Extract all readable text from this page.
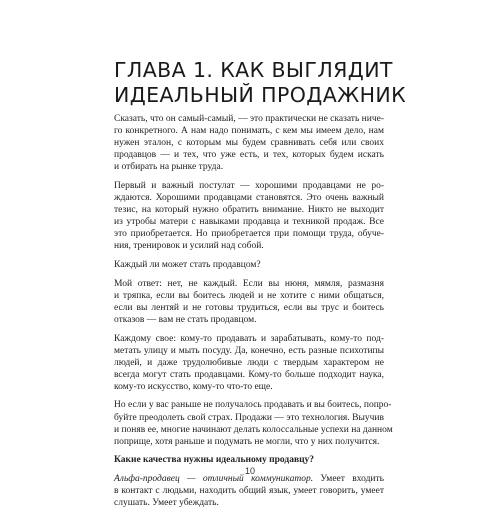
ГЛАВА 1. КАК ВЫГЛЯДИТ
ИДЕАЛЬНЫЙ ПРОДАЖНИК

Сказать, что он самый-самый, — это практически не сказать ниче-
го конкретного. А нам надо понимать, с кем мы имеем дело, нам
нужен эталон, с которым мы будем сравнивать себя или своих
продавцов — и тех, что уже есть, и тех, которых будем искать
и отбирать на рынке труда.

Первый и важный постулат — хорошими продавцами не ро-
ждаются. Хорошими продавцами становятся. Это очень важный
тезис, на который нужно обратить внимание. Никто не выходит
из утробы матери с навыками продавца и техникой продаж. Все
это приобретается. Но приобретается при помощи труда, обуче-
ния, тренировок и усилий над собой.

Каждый ли может стать продавцом?

Мой ответ: нет, не каждый. Если вы нюня, мямля, размазня
и тряпка, если вы боитесь людей и не хотите с ними общаться,
если вы лентяй и не готовы трудиться, если вы трус и боитесь
отказов — вам не стать продавцом.

Каждому свое: кому-то продавать и зарабатывать, кому-то под-
метать улицу и мыть посуду. Да, конечно, есть разные психотипы
людей, и даже трудолюбивые люди с твердым характером не
всегда могут стать продавцами. Кому-то больше подходит наука,
кому-то искусство, кому-то что-то еще.

Но если у вас раньше не получалось продавать и вы боитесь, попро-
буйте преодолеть свой страх. Продажи — это технология. Выучив
и поняв ее, многие начинают делать колоссальные успехи на данном
поприще, хотя раньше и подумать не могли, что у них получится.

Какие качества нужны идеальному продавцу?

Альфа-продавец — отличный коммуникатор. Умеет входить
в контакт с людьми, находить общий язык, умеет говорить, умеет
слушать. Умеет убеждать.

10
